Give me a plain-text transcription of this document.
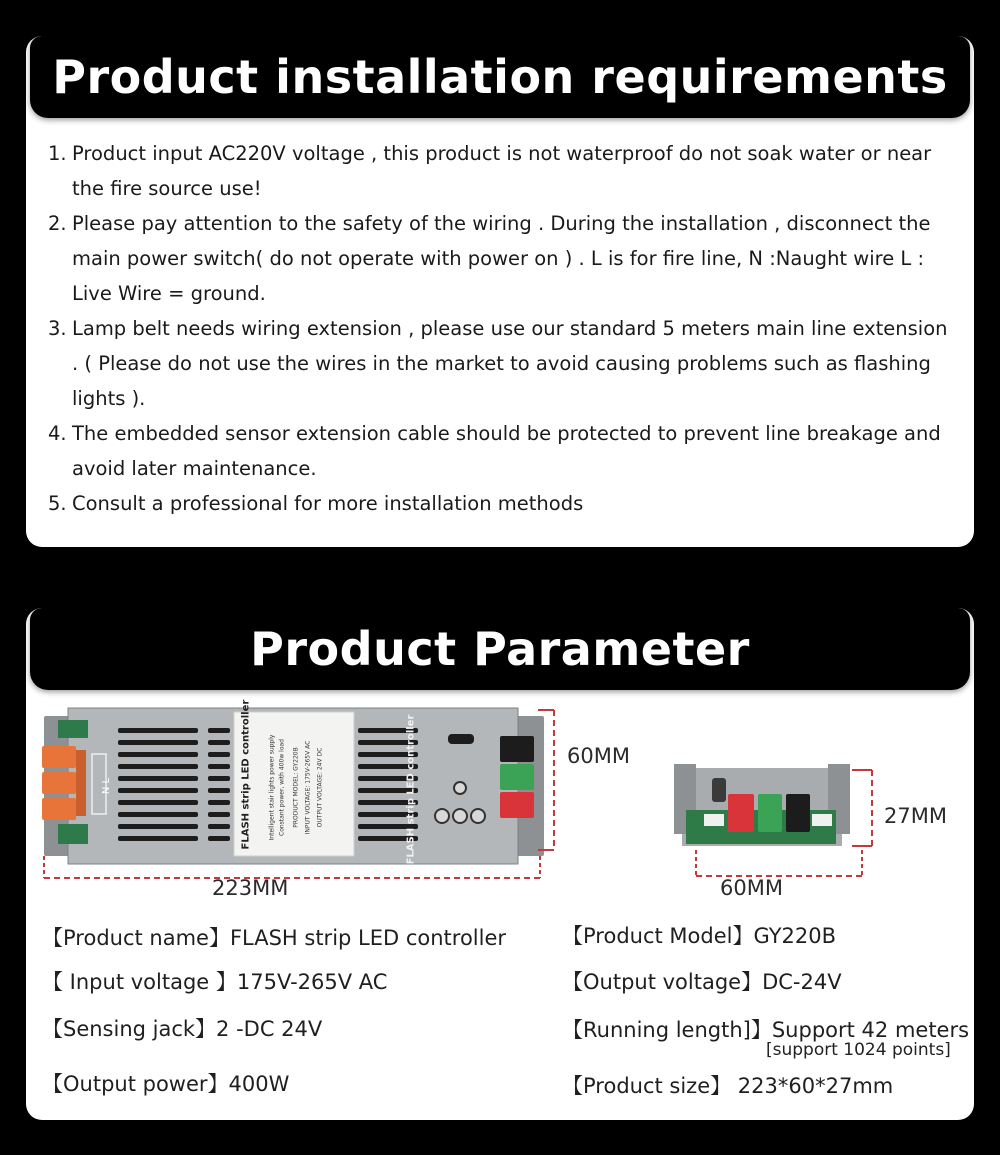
Product installation requirements
1. Product input AC220V voltage , this product is not waterproof do not soak water or near the fire source use!
2. Please pay attention to the safety of the wiring . During the installation , disconnect the main power switch( do not operate with power on ) . L is for fire line, N :Naught wire L : Live Wire = ground.
3. Lamp belt needs wiring extension , please use our standard 5 meters main line extension . ( Please do not use the wires in the market to avoid causing problems such as flashing lights ).
4. The embedded sensor extension cable should be protected to prevent line breakage and avoid later maintenance.
5. Consult a professional for more installation methods
Product Parameter
N L	FLASH strip LED controller	Intelligent stair lights power supply Constant power, with 400w load PRODUCT MODEL: GY220B INPUT VOLTAGE: 175V-265V AC OUTPUT VOLTAGE: 24V DC	FLASH strip LED controller	60MM
223MM
27MM
60MM
【Product name】FLASH strip LED controller
【 Input voltage 】175V-265V AC
【Sensing jack】2 -DC 24V
【Output power】400W
【Product Model】GY220B
【Output voltage】DC-24V
【Running length]】Support 42 meters
[support 1024 points]
【Product size】 223*60*27mm
